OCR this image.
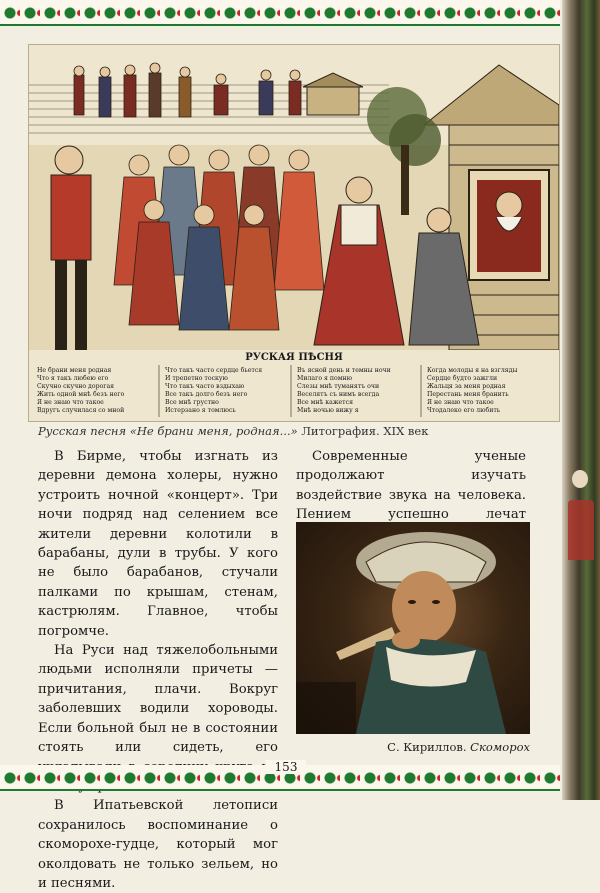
РУСКАЯ ПѢСНЯ
Не брани меня родная
Что я такъ любею его
Скучно скучно дорогая
Жить одной мнѣ безъ него
Я не знаю что такое
Вдругъ случилася со мной
Что такъ часто сердце бьется
И трепетно тоскую
Что такъ часто вздыхаю
Все такъ долго безъ него
Все мнѣ грустно
Истерзано я томлюсь
Въ ясной день и темны ночи
Милаго я помню
Слезы мнѣ туманятъ очи
Веселятъ съ нимъ всегда
Все мнѣ кажется
Мнѣ ночью вижу я
Когда молоды я на взгляды
Сердце будто зажгли
Жальця за меня родная
Перестань меня бранить
Я не знаю что такое
Чтодалеко его любить
Русская песня «Не брани меня, родная...» Литография. XIX век

В Бирме, чтобы изгнать из деревни демона холеры, нужно устроить ночной «концерт». Три ночи подряд над селением все жители деревни колотили в барабаны, дули в трубы. У кого не было барабанов, стучали палками по крышам, стенам, кастрюлям. Главное, чтобы погромче.

На Руси над тяжелобольными людьми исполняли причеты — причитания, плачи. Вокруг заболевших водили хороводы. Если больной был не в состоянии стоять или сидеть, его

В Ипатьевской летописи сохранилось воспоминание о скоморохе-гудце, который мог околдовать не только зельем, но и песнями.

Современные ученые продолжают изучать воздействие звука на человека. Пением успешно лечат

С. Кириллов. Скоморох
153
